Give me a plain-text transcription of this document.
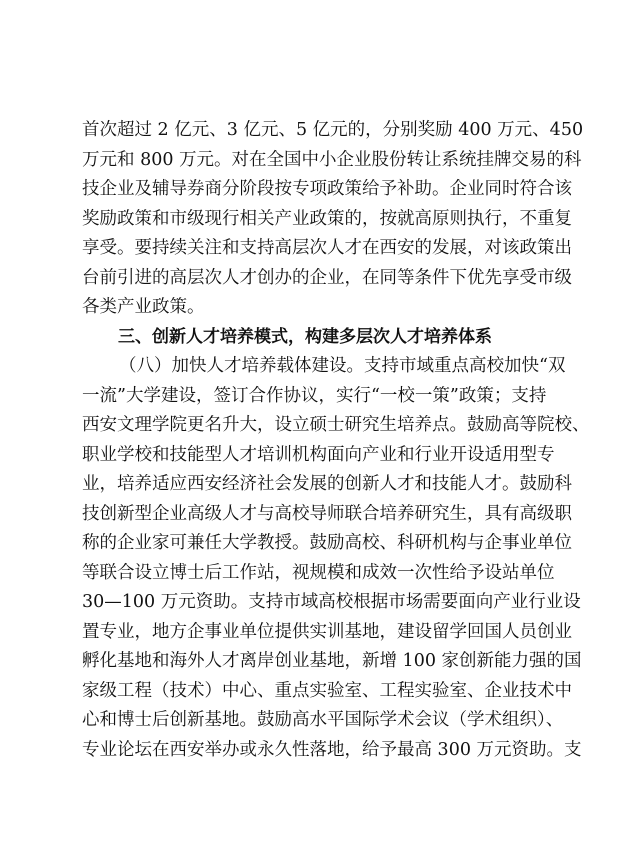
首次超过 2 亿元、3 亿元、5 亿元的，分别奖励 400 万元、450
万元和 800 万元。对在全国中小企业股份转让系统挂牌交易的科
技企业及辅导券商分阶段按专项政策给予补助。企业同时符合该
奖励政策和市级现行相关产业政策的，按就高原则执行，不重复
享受。要持续关注和支持高层次人才在西安的发展，对该政策出
台前引进的高层次人才创办的企业，在同等条件下优先享受市级
各类产业政策。
三、创新人才培养模式，构建多层次人才培养体系
（八）加快人才培养载体建设。支持市域重点高校加快“双
一流”大学建设，签订合作协议，实行“一校一策”政策；支持
西安文理学院更名升大，设立硕士研究生培养点。鼓励高等院校、
职业学校和技能型人才培训机构面向产业和行业开设适用型专
业，培养适应西安经济社会发展的创新人才和技能人才。鼓励科
技创新型企业高级人才与高校导师联合培养研究生，具有高级职
称的企业家可兼任大学教授。鼓励高校、科研机构与企事业单位
等联合设立博士后工作站，视规模和成效一次性给予设站单位
30—100 万元资助。支持市域高校根据市场需要面向产业行业设
置专业，地方企事业单位提供实训基地，建设留学回国人员创业
孵化基地和海外人才离岸创业基地，新增 100 家创新能力强的国
家级工程（技术）中心、重点实验室、工程实验室、企业技术中
心和博士后创新基地。鼓励高水平国际学术会议（学术组织）、
专业论坛在西安举办或永久性落地，给予最高 300 万元资助。支
